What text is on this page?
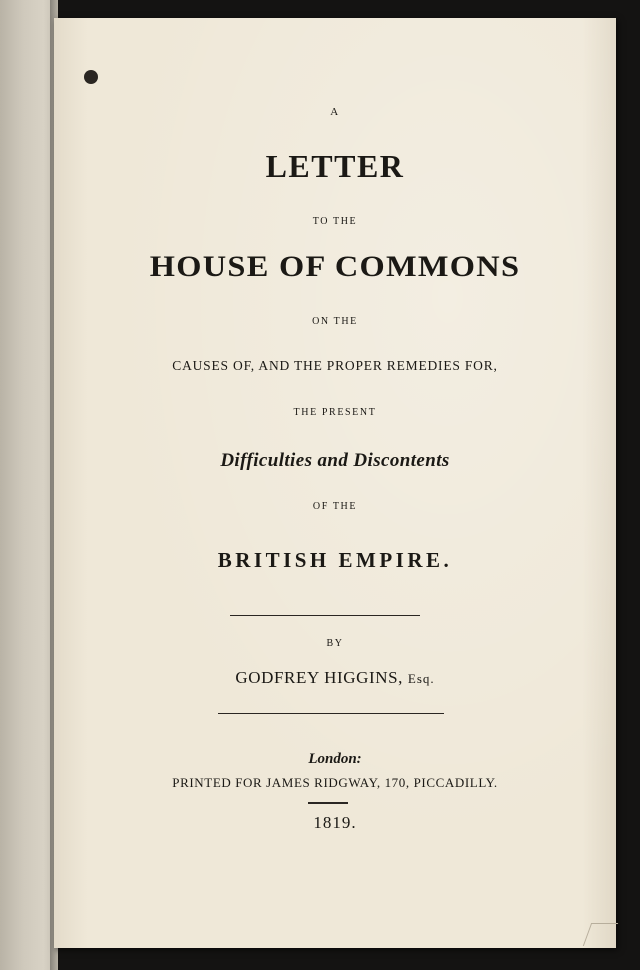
A
LETTER
TO THE
HOUSE OF COMMONS
ON THE
CAUSES OF, AND THE PROPER REMEDIES FOR,
THE PRESENT
Difficulties and Discontents
OF THE
BRITISH EMPIRE.
BY
GODFREY HIGGINS, Esq.
London:
PRINTED FOR JAMES RIDGWAY, 170, PICCADILLY.
1819.
